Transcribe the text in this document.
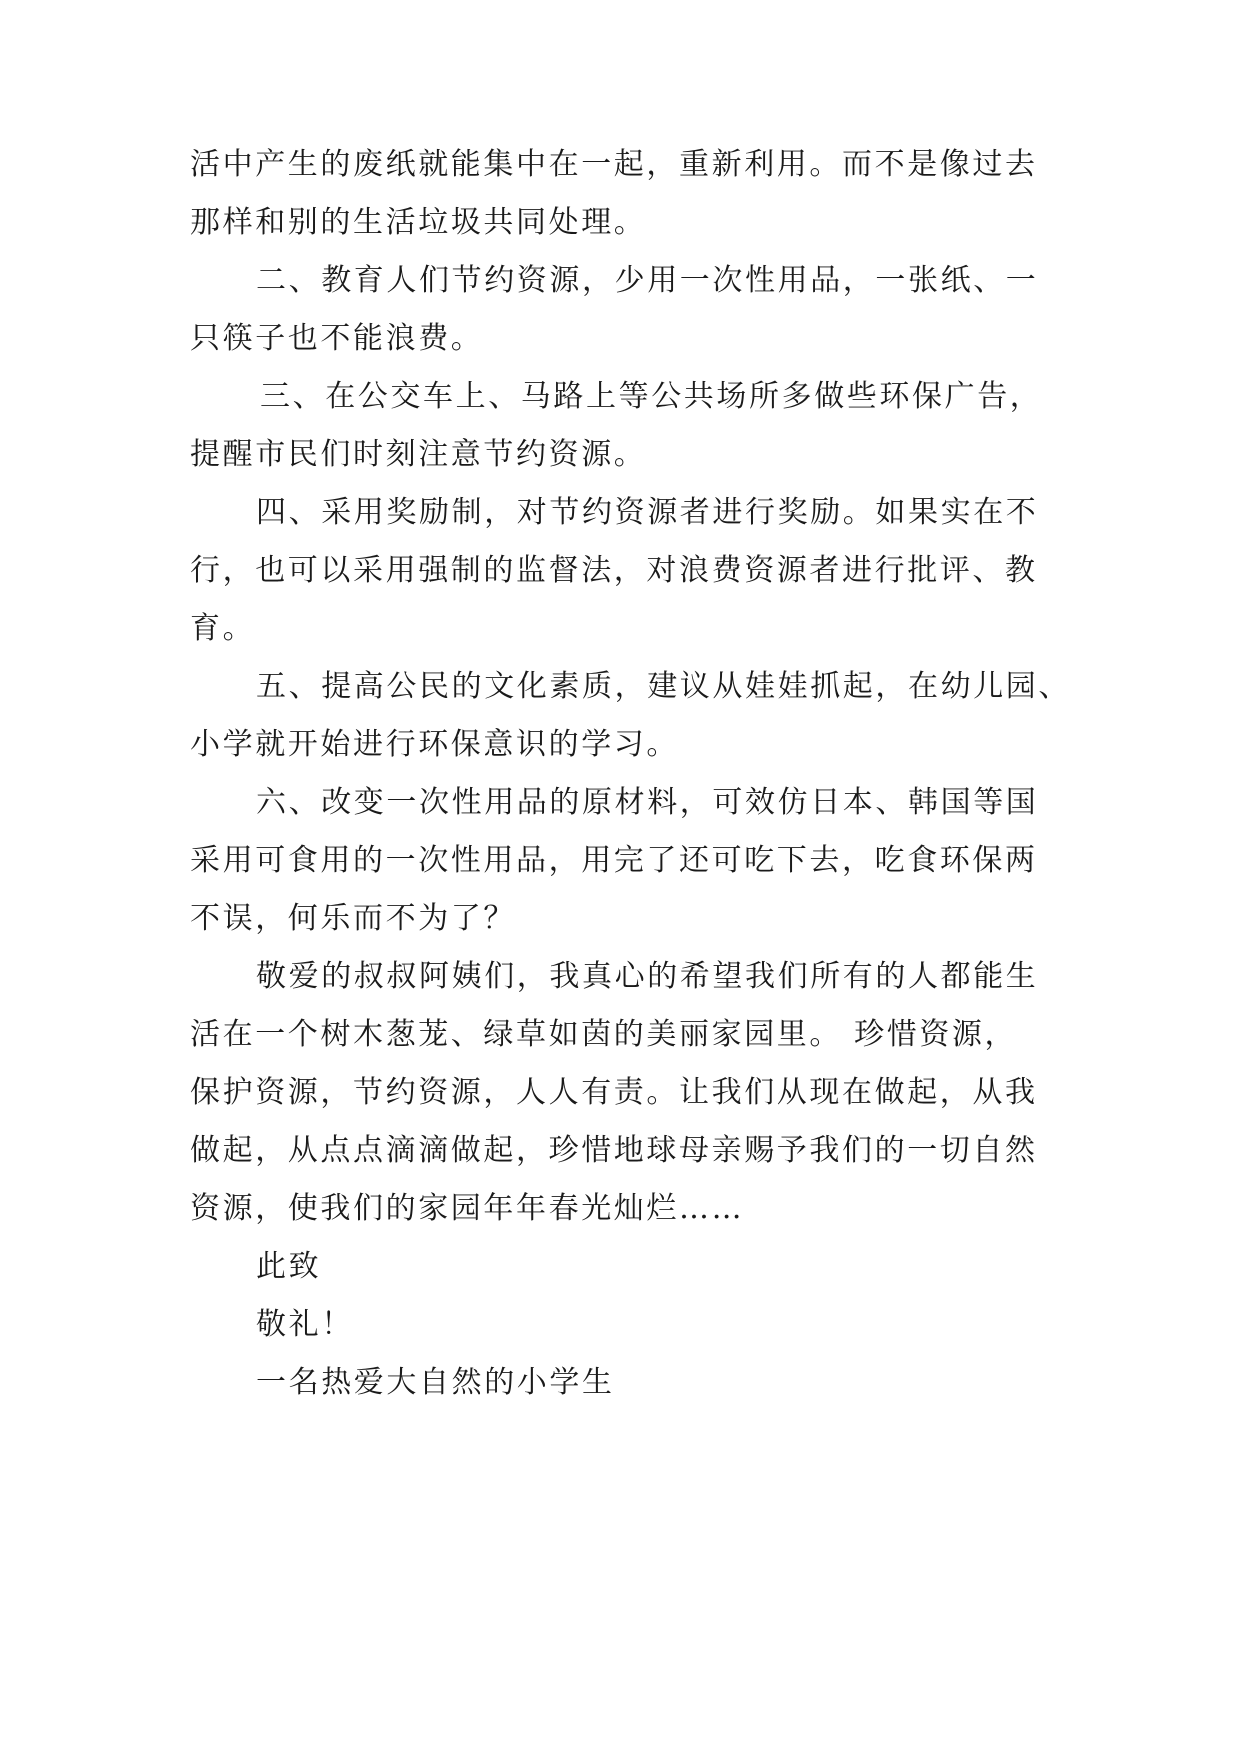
活中产生的废纸就能集中在一起，重新利用。而不是像过去
那样和别的生活垃圾共同处理。
二、教育人们节约资源，少用一次性用品，一张纸、一
只筷子也不能浪费。
三、在公交车上、马路上等公共场所多做些环保广告，
提醒市民们时刻注意节约资源。
四、采用奖励制，对节约资源者进行奖励。如果实在不
行，也可以采用强制的监督法，对浪费资源者进行批评、教
育。
五、提高公民的文化素质，建议从娃娃抓起，在幼儿园、
小学就开始进行环保意识的学习。
六、改变一次性用品的原材料，可效仿日本、韩国等国
采用可食用的一次性用品，用完了还可吃下去，吃食环保两
不误，何乐而不为了？
敬爱的叔叔阿姨们，我真心的希望我们所有的人都能生
活在一个树木葱茏、绿草如茵的美丽家园里。 珍惜资源，
保护资源，节约资源，人人有责。让我们从现在做起，从我
做起，从点点滴滴做起，珍惜地球母亲赐予我们的一切自然
资源，使我们的家园年年春光灿烂……
此致
敬礼！
一名热爱大自然的小学生
